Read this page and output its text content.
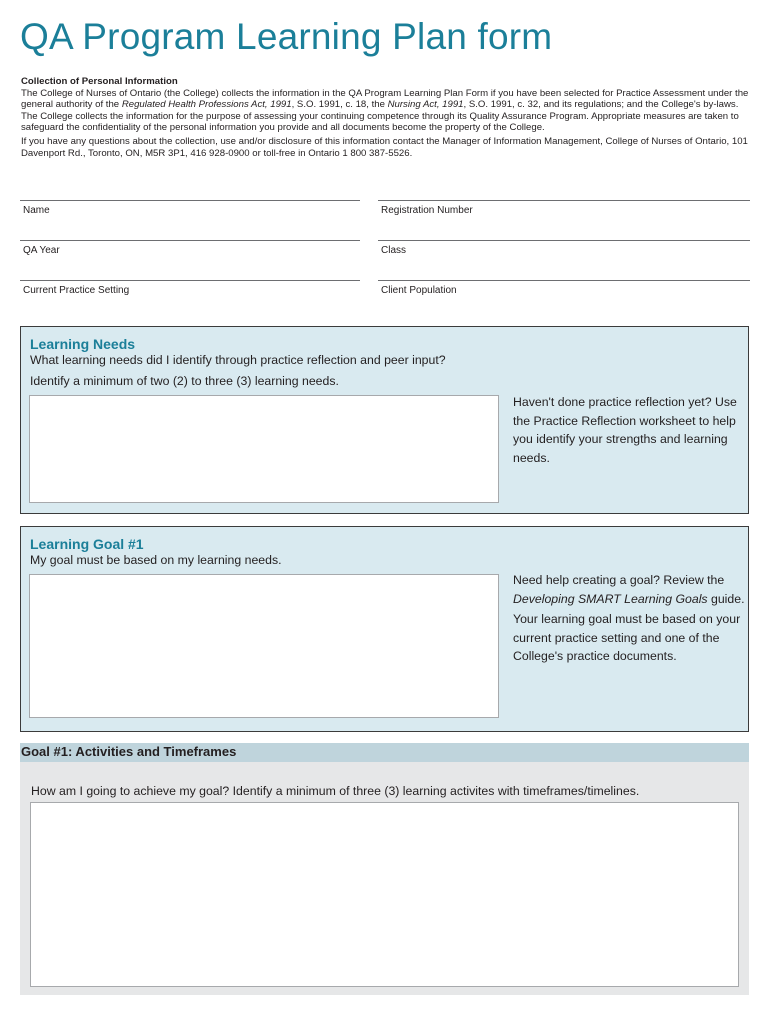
QA Program Learning Plan form

Collection of Personal Information
The College of Nurses of Ontario (the College) collects the information in the QA Program Learning Plan Form if you have been selected for Practice Assessment under the general authority of the Regulated Health Professions Act, 1991, S.O. 1991, c. 18, the Nursing Act, 1991, S.O. 1991, c. 32, and its regulations; and the College's by-laws. The College collects the information for the purpose of assessing your continuing competence through its Quality Assurance Program. Appropriate measures are taken to safeguard the confidentiality of the personal information you provide and all documents become the property of the College.

If you have any questions about the collection, use and/or disclosure of this information contact the Manager of Information Management, College of Nurses of Ontario, 101 Davenport Rd., Toronto, ON, M5R 3P1, 416 928-0900 or toll-free in Ontario 1 800 387-5526.

Name	Registration Number
QA Year	Class
Current Practice Setting	Client Population
Learning Needs
What learning needs did I identify through practice reflection and peer input?
Identify a minimum of two (2) to three (3) learning needs.

Haven't done practice reflection yet? Use the Practice Reflection worksheet to help you identify your strengths and learning needs.

Learning Goal #1
My goal must be based on my learning needs.

Need help creating a goal? Review the Developing SMART Learning Goals guide.

Your learning goal must be based on your current practice setting and one of the College's practice documents.

Goal #1: Activities and Timeframes
How am I going to achieve my goal? Identify a minimum of three (3) learning activites with timeframes/timelines.
